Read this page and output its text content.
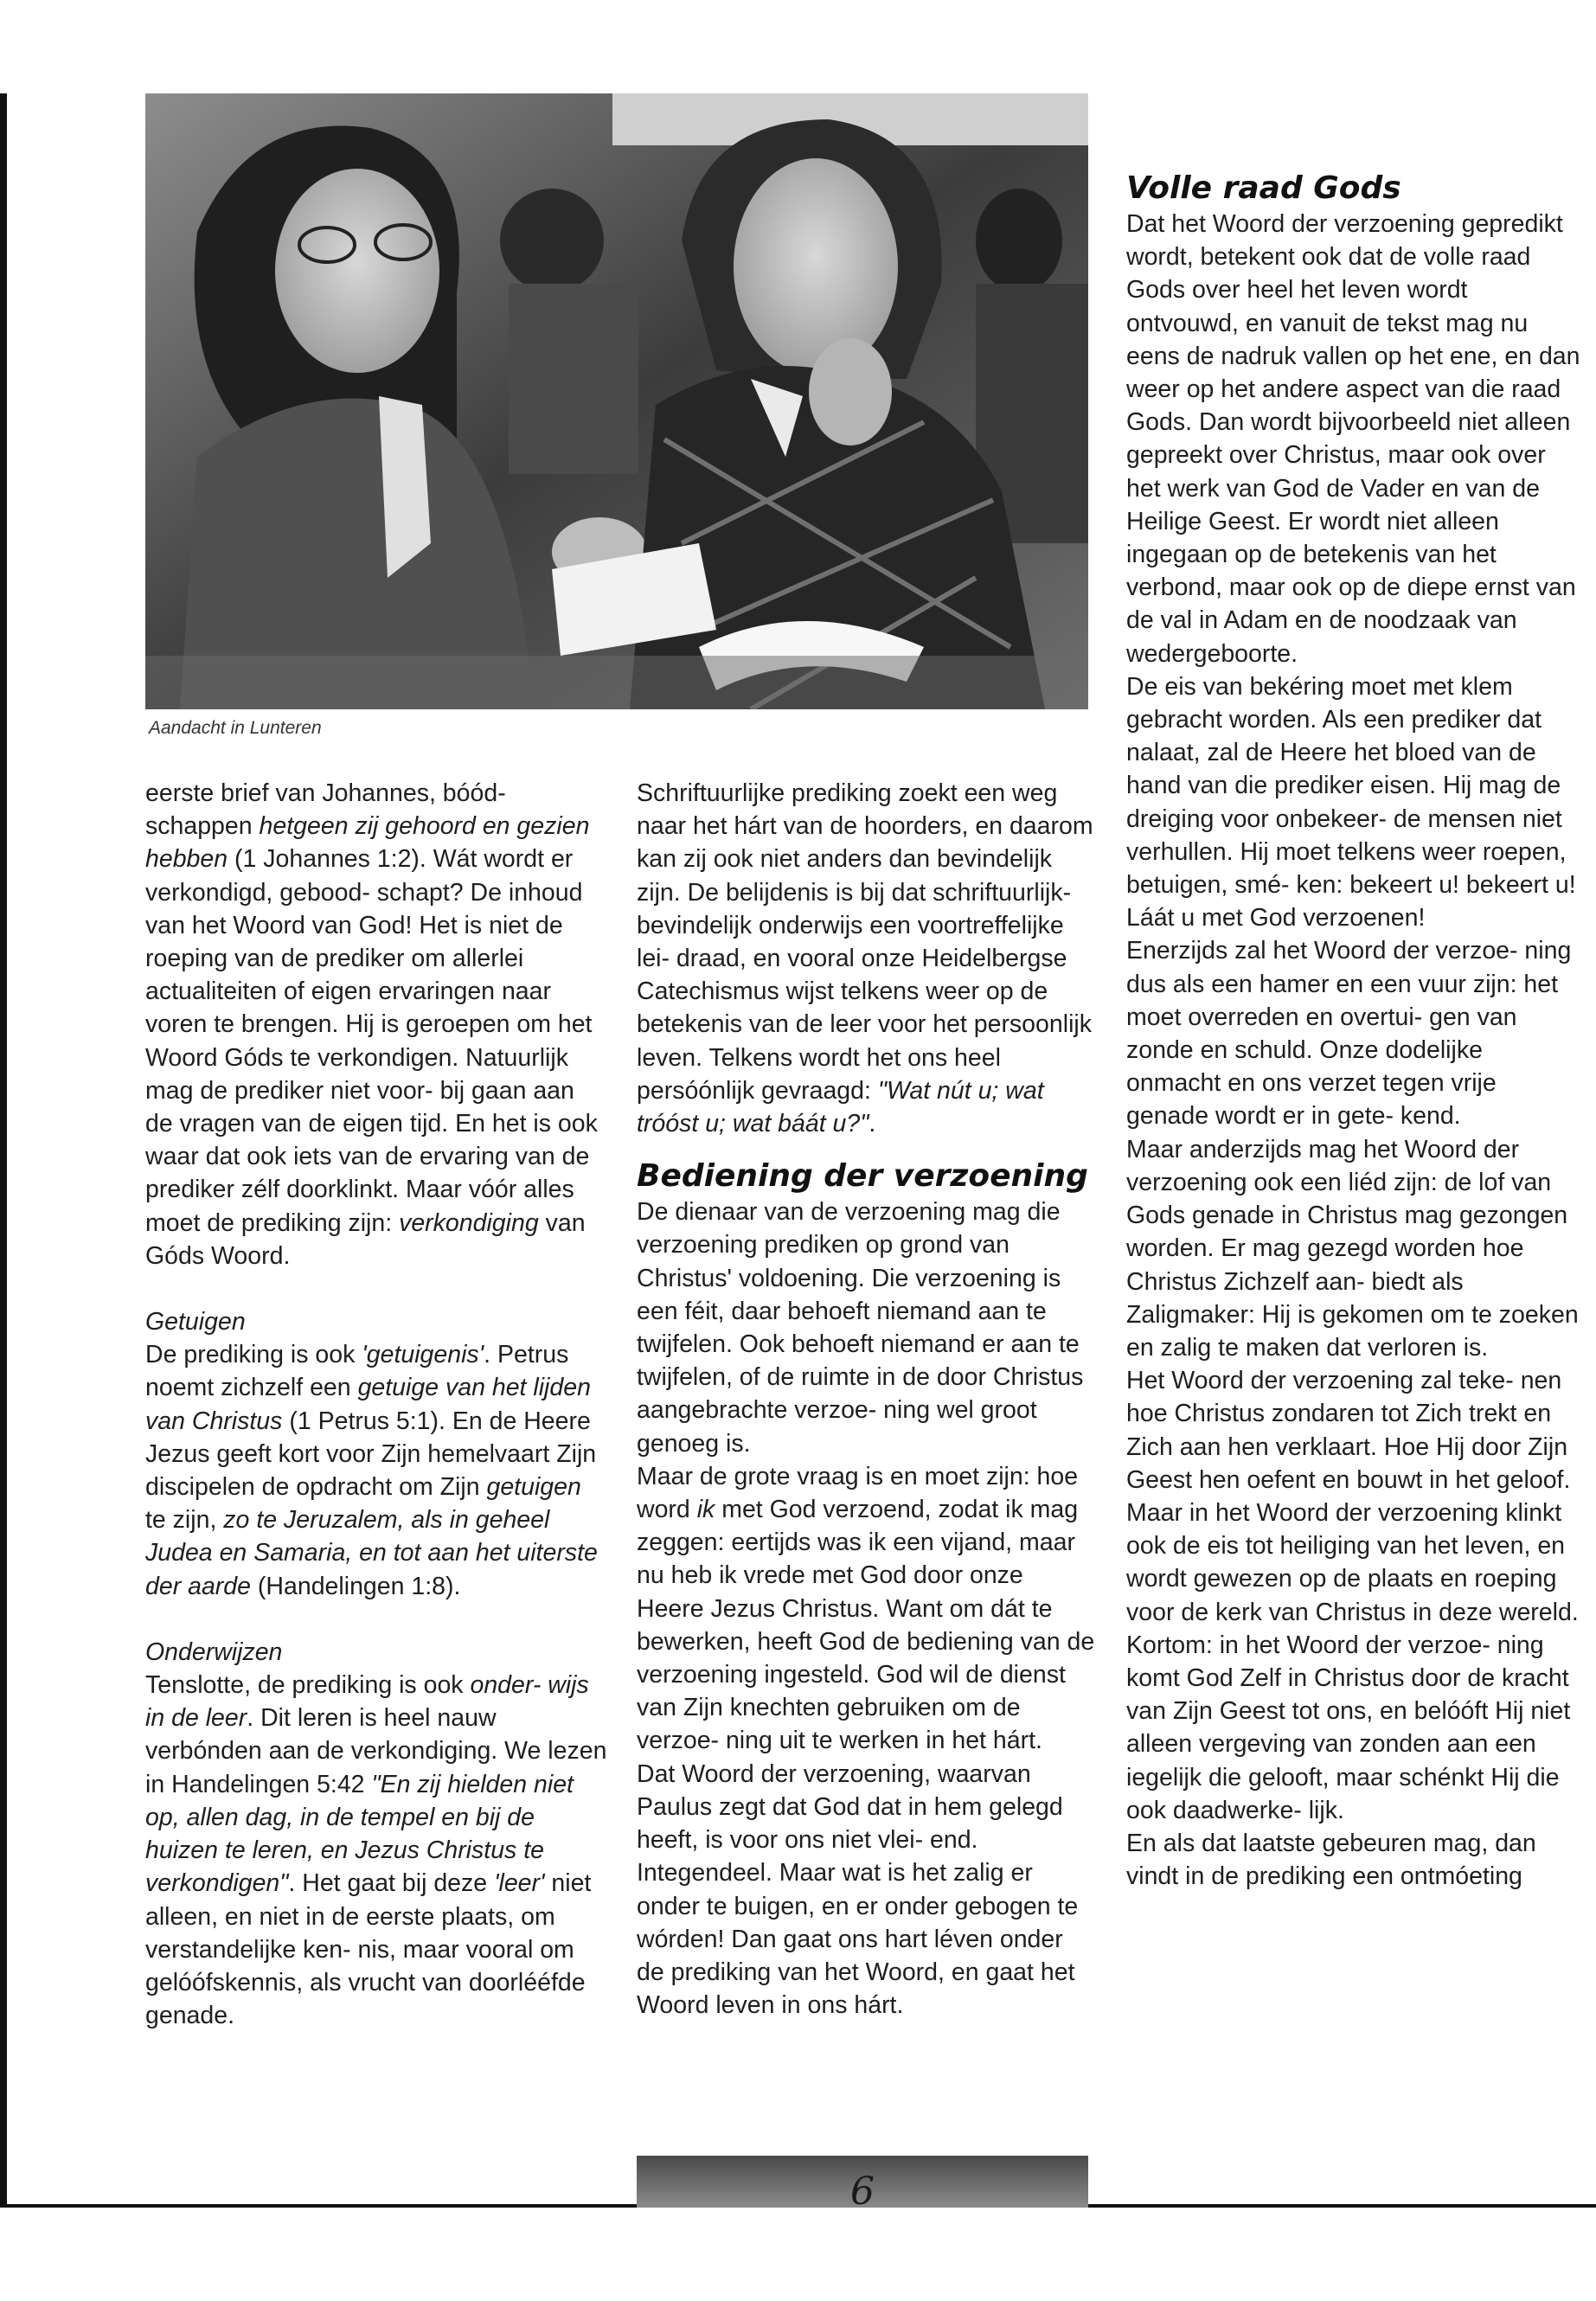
Aandacht in Lunteren

eerste brief van Johannes, bóód- schappen hetgeen zij gehoord en gezien hebben (1 Johannes 1:2). Wát wordt er verkondigd, gebood- schapt? De inhoud van het Woord van God! Het is niet de roeping van de prediker om allerlei actualiteiten of eigen ervaringen naar voren te brengen. Hij is geroepen om het Woord Góds te verkondigen. Natuurlijk mag de prediker niet voor- bij gaan aan de vragen van de eigen tijd. En het is ook waar dat ook iets van de ervaring van de prediker zélf doorklinkt. Maar vóór alles moet de prediking zijn: verkondiging van Góds Woord.

Getuigen

De prediking is ook 'getuigenis'. Petrus noemt zichzelf een getuige van het lijden van Christus (1 Petrus 5:1). En de Heere Jezus geeft kort voor Zijn hemelvaart Zijn discipelen de opdracht om Zijn getuigen te zijn, zo te Jeruzalem, als in geheel Judea en Samaria, en tot aan het uiterste der aarde (Handelingen 1:8).

Onderwijzen

Tenslotte, de prediking is ook onder- wijs in de leer. Dit leren is heel nauw verbónden aan de verkondiging. We lezen in Handelingen 5:42 "En zij hielden niet op, allen dag, in de tempel en bij de huizen te leren, en Jezus Christus te verkondigen". Het gaat bij deze 'leer' niet alleen, en niet in de eerste plaats, om verstandelijke ken- nis, maar vooral om gelóófskennis, als vrucht van doorlééfde genade.

Schriftuurlijke prediking zoekt een weg naar het hárt van de hoorders, en daarom kan zij ook niet anders dan bevindelijk zijn. De belijdenis is bij dat schriftuurlijk-bevindelijk onderwijs een voortreffelijke lei- draad, en vooral onze Heidelbergse Catechismus wijst telkens weer op de betekenis van de leer voor het persoonlijk leven. Telkens wordt het ons heel persóónlijk gevraagd: "Wat nút u; wat tróóst u; wat báát u?".

Bediening der verzoening

De dienaar van de verzoening mag die verzoening prediken op grond van Christus' voldoening. Die verzoening is een féit, daar behoeft niemand aan te twijfelen. Ook behoeft niemand er aan te twijfelen, of de ruimte in de door Christus aangebrachte verzoe- ning wel groot genoeg is.

Maar de grote vraag is en moet zijn: hoe word ik met God verzoend, zodat ik mag zeggen: eertijds was ik een vijand, maar nu heb ik vrede met God door onze Heere Jezus Christus. Want om dát te bewerken, heeft God de bediening van de verzoening ingesteld. God wil de dienst van Zijn knechten gebruiken om de verzoe- ning uit te werken in het hárt.

Dat Woord der verzoening, waarvan Paulus zegt dat God dat in hem gelegd heeft, is voor ons niet vlei- end. Integendeel. Maar wat is het zalig er onder te buigen, en er onder gebogen te wórden! Dan gaat ons hart léven onder de prediking van het Woord, en gaat het Woord leven in ons hárt.

Volle raad Gods

Dat het Woord der verzoening gepredikt wordt, betekent ook dat de volle raad Gods over heel het leven wordt ontvouwd, en vanuit de tekst mag nu eens de nadruk vallen op het ene, en dan weer op het andere aspect van die raad Gods. Dan wordt bijvoorbeeld niet alleen gepreekt over Christus, maar ook over het werk van God de Vader en van de Heilige Geest. Er wordt niet alleen ingegaan op de betekenis van het verbond, maar ook op de diepe ernst van de val in Adam en de noodzaak van wedergeboorte.

De eis van bekéring moet met klem gebracht worden. Als een prediker dat nalaat, zal de Heere het bloed van de hand van die prediker eisen. Hij mag de dreiging voor onbekeer- de mensen niet verhullen. Hij moet telkens weer roepen, betuigen, smé- ken: bekeert u! bekeert u! Láát u met God verzoenen!

Enerzijds zal het Woord der verzoe- ning dus als een hamer en een vuur zijn: het moet overreden en overtui- gen van zonde en schuld. Onze dodelijke onmacht en ons verzet tegen vrije genade wordt er in gete- kend.

Maar anderzijds mag het Woord der verzoening ook een liéd zijn: de lof van Gods genade in Christus mag gezongen worden. Er mag gezegd worden hoe Christus Zichzelf aan- biedt als Zaligmaker: Hij is gekomen om te zoeken en zalig te maken dat verloren is.

Het Woord der verzoening zal teke- nen hoe Christus zondaren tot Zich trekt en Zich aan hen verklaart. Hoe Hij door Zijn Geest hen oefent en bouwt in het geloof.

Maar in het Woord der verzoening klinkt ook de eis tot heiliging van het leven, en wordt gewezen op de plaats en roeping voor de kerk van Christus in deze wereld.

Kortom: in het Woord der verzoe- ning komt God Zelf in Christus door de kracht van Zijn Geest tot ons, en belóóft Hij niet alleen vergeving van zonden aan een iegelijk die gelooft, maar schénkt Hij die ook daadwerke- lijk.

En als dat laatste gebeuren mag, dan vindt in de prediking een ontmóeting

6
